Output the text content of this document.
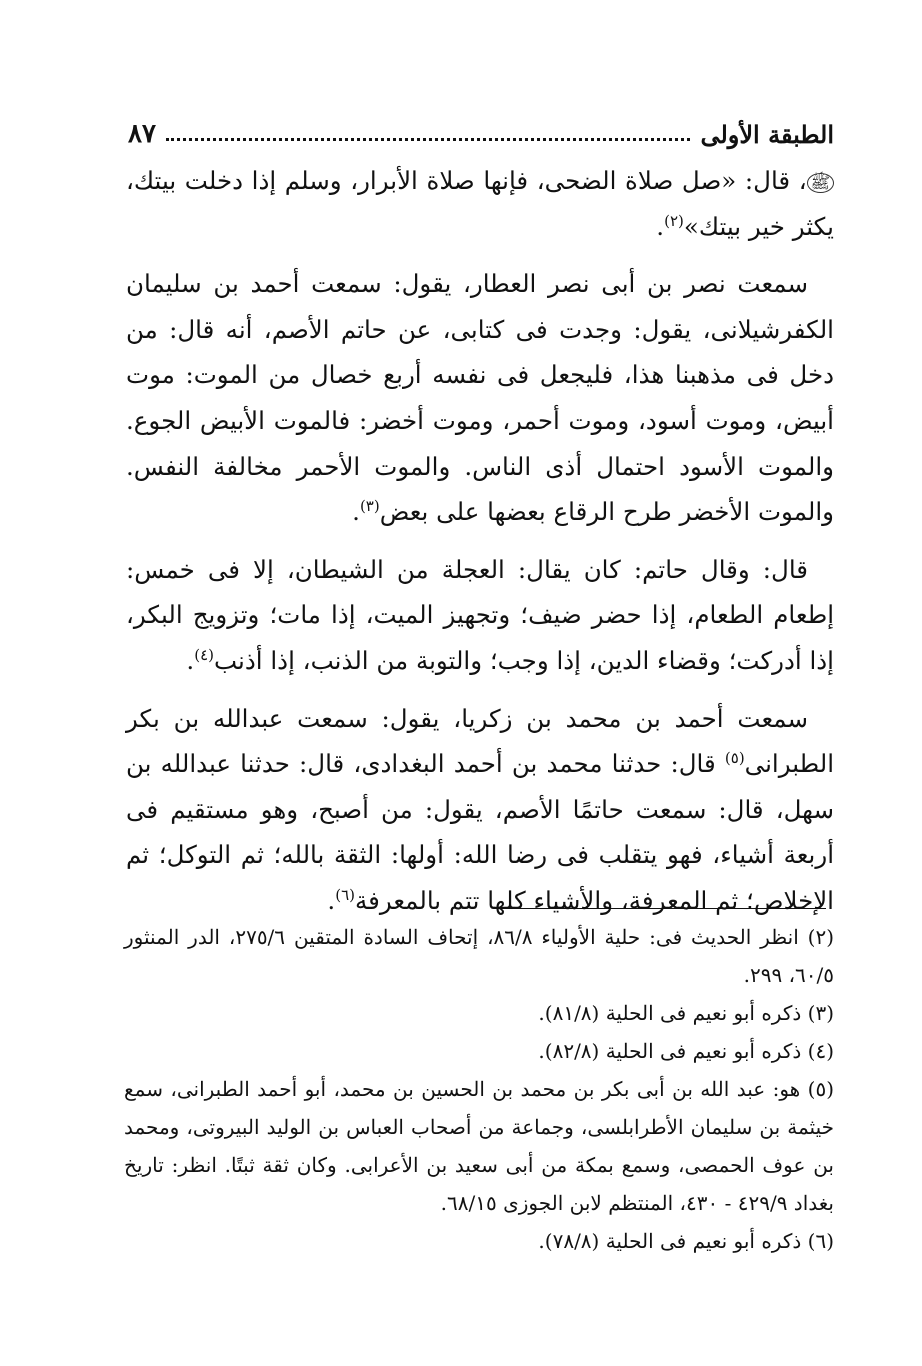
الطبقة الأولى
٨٧

ﷺ، قال: «صل صلاة الضحى، فإنها صلاة الأبرار، وسلم إذا دخلت بيتك، يكثر خير بيتك»$^{(٢)}$.

سمعت نصر بن أبى نصر العطار، يقول: سمعت أحمد بن سليمان الكفرشيلانى، يقول: وجدت فى كتابى، عن حاتم الأصم، أنه قال: من دخل فى مذهبنا هذا، فليجعل فى نفسه أربع خصال من الموت: موت أبيض، وموت أسود، وموت أحمر، وموت أخضر: فالموت الأبيض الجوع. والموت الأسود احتمال أذى الناس. والموت الأحمر مخالفة النفس. والموت الأخضر طرح الرقاع بعضها على بعض$^{(٣)}$.

قال: وقال حاتم: كان يقال: العجلة من الشيطان، إلا فى خمس: إطعام الطعام، إذا حضر ضيف؛ وتجهيز الميت، إذا مات؛ وتزويج البكر، إذا أدركت؛ وقضاء الدين، إذا وجب؛ والتوبة من الذنب، إذا أذنب$^{(٤)}$.

سمعت أحمد بن محمد بن زكريا، يقول: سمعت عبدالله بن بكر الطبرانى$^{(٥)}$ قال: حدثنا محمد بن أحمد البغدادى، قال: حدثنا عبدالله بن سهل، قال: سمعت حاتمًا الأصم، يقول: من أصبح، وهو مستقيم فى أربعة أشياء، فهو يتقلب فى رضا الله: أولها: الثقة بالله؛ ثم التوكل؛ ثم الإخلاص؛ ثم المعرفة، والأشياء كلها تتم بالمعرفة$^{(٦)}$.

(٢) انظر الحديث فى: حلية الأولياء ٨٦/٨، إتحاف السادة المتقين ٢٧٥/٦، الدر المنثور ٦٠/٥، ٢٩٩.

(٣) ذكره أبو نعيم فى الحلية (٨١/٨).

(٤) ذكره أبو نعيم فى الحلية (٨٢/٨).

(٥) هو: عبد الله بن أبى بكر بن محمد بن الحسين بن محمد، أبو أحمد الطبرانى، سمع خيثمة بن سليمان الأطرابلسى، وجماعة من أصحاب العباس بن الوليد البيروتى، ومحمد بن عوف الحمصى، وسمع بمكة من أبى سعيد بن الأعرابى. وكان ثقة ثبتًا. انظر: تاريخ بغداد ٤٢٩/٩ - ٤٣٠، المنتظم لابن الجوزى ٦٨/١٥.

(٦) ذكره أبو نعيم فى الحلية (٧٨/٨).
